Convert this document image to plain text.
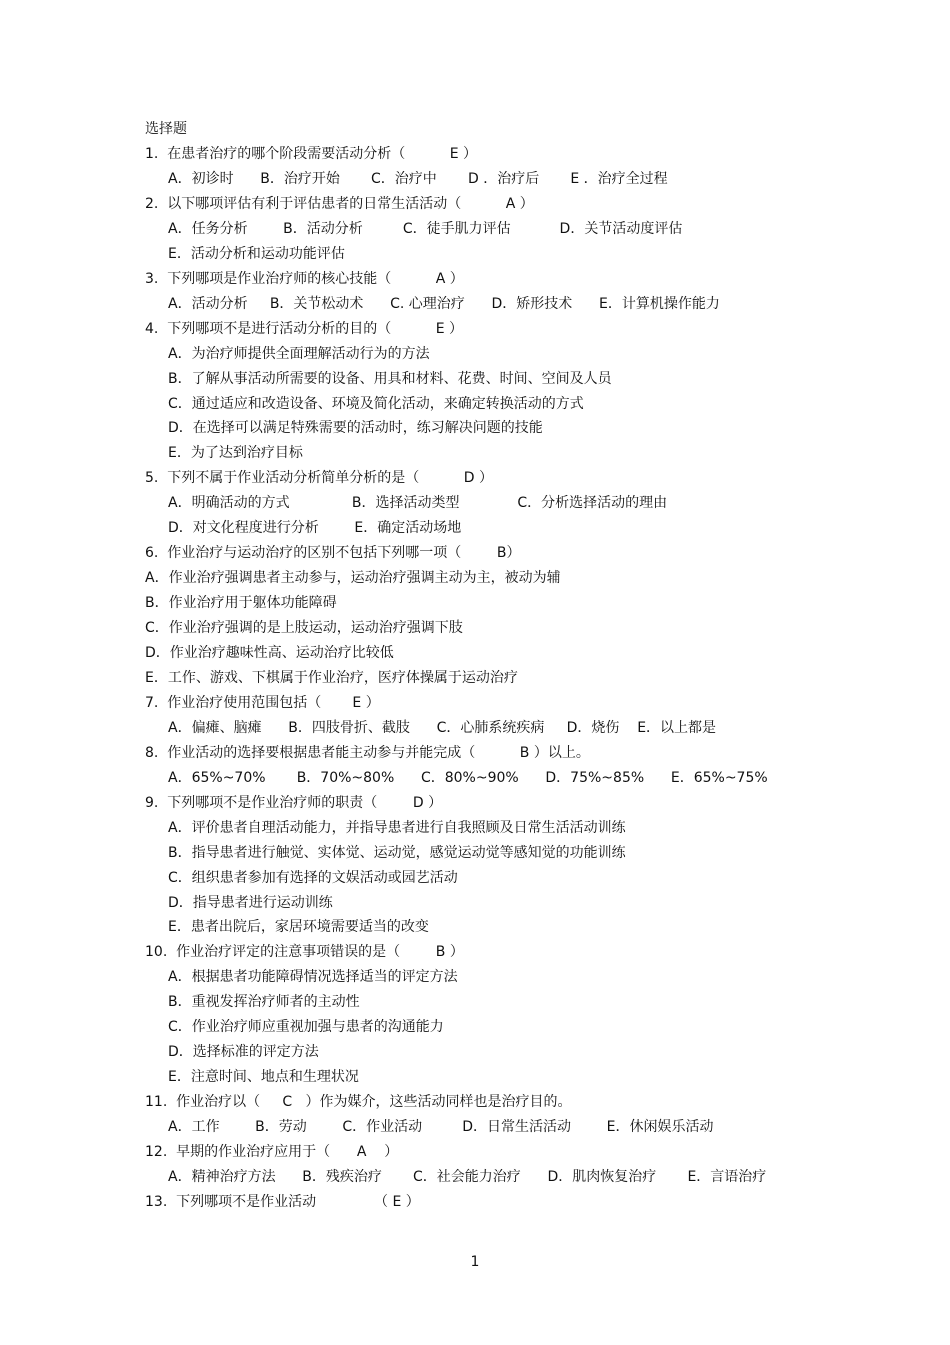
选择题
1.  在患者治疗的哪个阶段需要活动分析（          E ）
A．初诊时      B．治疗开始       C．治疗中       D ．治疗后       E ．治疗全过程
2.  以下哪项评估有利于评估患者的日常生活活动（          A ）
A．任务分析        B．活动分析         C．徒手肌力评估           D．关节活动度评估
E．活动分析和运动功能评估
3.  下列哪项是作业治疗师的核心技能（          A ）
A．活动分析     B．关节松动术      C. 心理治疗      D．矫形技术      E．计算机操作能力
4.  下列哪项不是进行活动分析的目的（          E ）
A．为治疗师提供全面理解活动行为的方法
B．了解从事活动所需要的设备、用具和材料、花费、时间、空间及人员
C．通过适应和改造设备、环境及简化活动，来确定转换活动的方式
D．在选择可以满足特殊需要的活动时，练习解决问题的技能
E．为了达到治疗目标
5.  下列不属于作业活动分析简单分析的是（          D ）
A．明确活动的方式              B．选择活动类型             C．分析选择活动的理由
D．对文化程度进行分析        E．确定活动场地
6.  作业治疗与运动治疗的区别不包括下列哪一项（        B）
A．作业治疗强调患者主动参与，运动治疗强调主动为主，被动为辅
B．作业治疗用于躯体功能障碍
C．作业治疗强调的是上肢运动，运动治疗强调下肢
D．作业治疗趣味性高、运动治疗比较低
E．工作、游戏、下棋属于作业治疗，医疗体操属于运动治疗
7.  作业治疗使用范围包括（       E ）
A．偏瘫、脑瘫      B．四肢骨折、截肢      C．心肺系统疾病     D．烧伤    E．以上都是
8.  作业活动的选择要根据患者能主动参与并能完成（          B ）以上。
A．65%~70%       B．70%~80%      C．80%~90%      D．75%~85%      E．65%~75%
9.  下列哪项不是作业治疗师的职责（        D ）
A．评价患者自理活动能力，并指导患者进行自我照顾及日常生活活动训练
B．指导患者进行触觉、实体觉、运动觉，感觉运动觉等感知觉的功能训练
C．组织患者参加有选择的文娱活动或园艺活动
D．指导患者进行运动训练
E．患者出院后，家居环境需要适当的改变
10.  作业治疗评定的注意事项错误的是（        B ）
A．根据患者功能障碍情况选择适当的评定方法
B．重视发挥治疗师者的主动性
C．作业治疗师应重视加强与患者的沟通能力
D．选择标准的评定方法
E．注意时间、地点和生理状况
11.  作业治疗以（     C   ）作为媒介，这些活动同样也是治疗目的。
A．工作        B．劳动        C．作业活动         D．日常生活活动        E．休闲娱乐活动
12.  早期的作业治疗应用于（      A    ）
A．精神治疗方法      B．残疾治疗       C．社会能力治疗      D．肌肉恢复治疗       E．言语治疗
13.  下列哪项不是作业活动             （ E ）
1
